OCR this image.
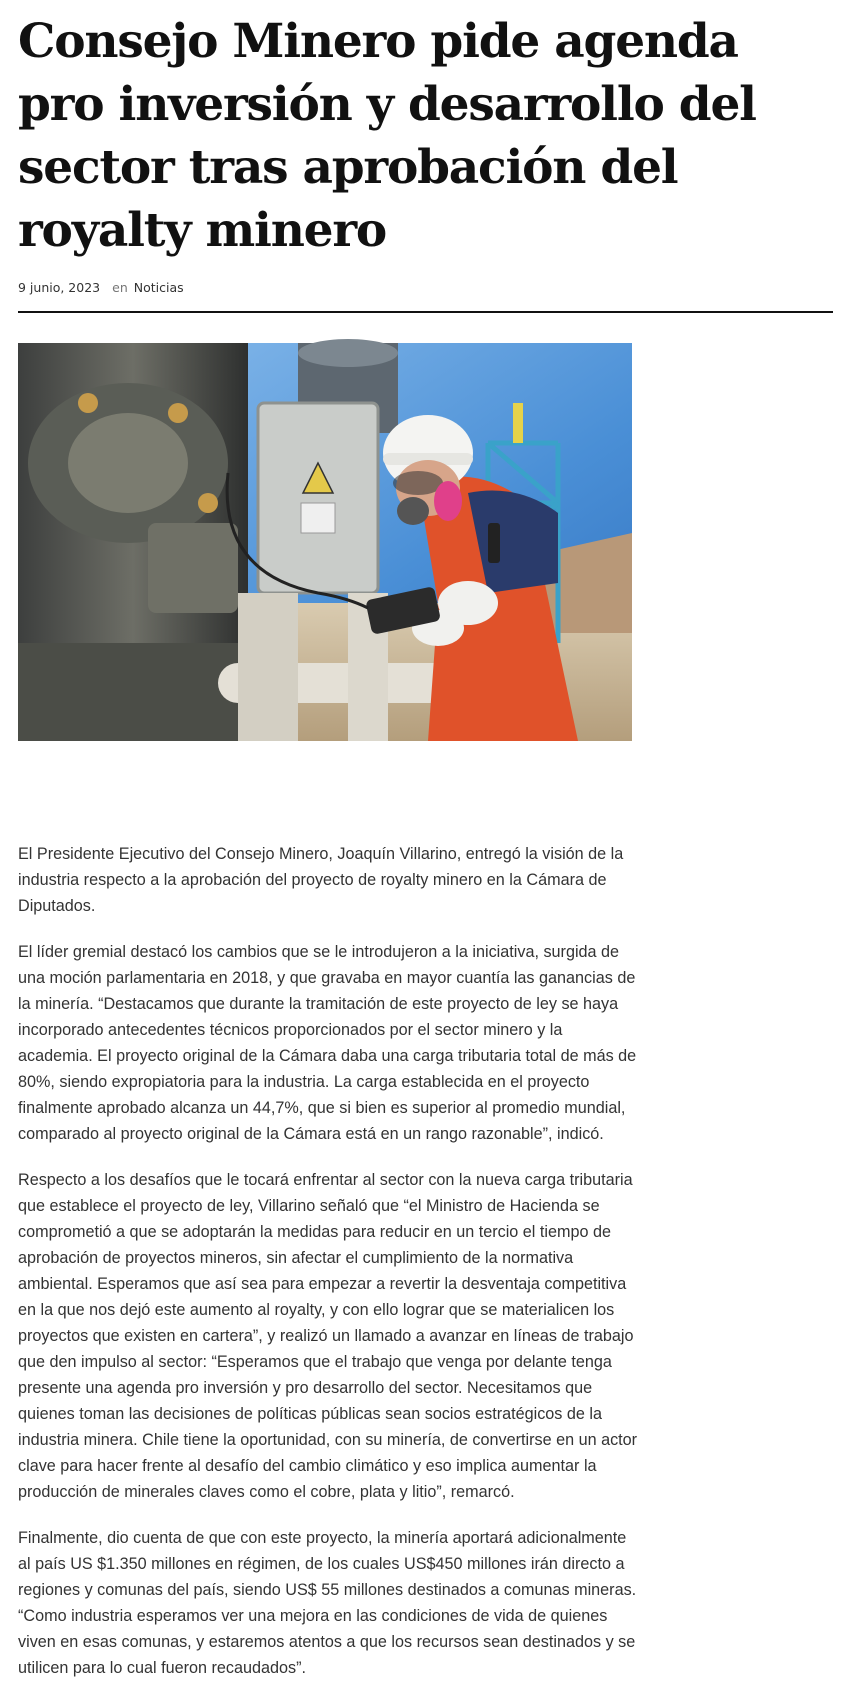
Consejo Minero pide agenda pro inversión y desarrollo del sector tras aprobación del royalty minero
9 junio, 2023 en Noticias

El Presidente Ejecutivo del Consejo Minero, Joaquín Villarino, entregó la visión de la industria respecto a la aprobación del proyecto de royalty minero en la Cámara de Diputados.

El líder gremial destacó los cambios que se le introdujeron a la iniciativa, surgida de una moción parlamentaria en 2018, y que gravaba en mayor cuantía las ganancias de la minería. “Destacamos que durante la tramitación de este proyecto de ley se haya incorporado antecedentes técnicos proporcionados por el sector minero y la academia. El proyecto original de la Cámara daba una carga tributaria total de más de 80%, siendo expropiatoria para la industria. La carga establecida en el proyecto finalmente aprobado alcanza un 44,7%, que si bien es superior al promedio mundial, comparado al proyecto original de la Cámara está en un rango razonable”, indicó.

Respecto a los desafíos que le tocará enfrentar al sector con la nueva carga tributaria que establece el proyecto de ley, Villarino señaló que “el Ministro de Hacienda se comprometió a que se adoptarán la medidas para reducir en un tercio el tiempo de aprobación de proyectos mineros, sin afectar el cumplimiento de la normativa ambiental. Esperamos que así sea para empezar a revertir la desventaja competitiva en la que nos dejó este aumento al royalty, y con ello lograr que se materialicen los proyectos que existen en cartera”, y realizó un llamado a avanzar en líneas de trabajo que den impulso al sector: “Esperamos que el trabajo que venga por delante tenga presente una agenda pro inversión y pro desarrollo del sector. Necesitamos que quienes toman las decisiones de políticas públicas sean socios estratégicos de la industria minera. Chile tiene la oportunidad, con su minería, de convertirse en un actor clave para hacer frente al desafío del cambio climático y eso implica aumentar la producción de minerales claves como el cobre, plata y litio”, remarcó.

Finalmente, dio cuenta de que con este proyecto, la minería aportará adicionalmente al país US $1.350 millones en régimen, de los cuales US$450 millones irán directo a regiones y comunas del país, siendo US$ 55 millones destinados a comunas mineras. “Como industria esperamos ver una mejora en las condiciones de vida de quienes viven en esas comunas, y estaremos atentos a que los recursos sean destinados y se utilicen para lo cual fueron recaudados”.
